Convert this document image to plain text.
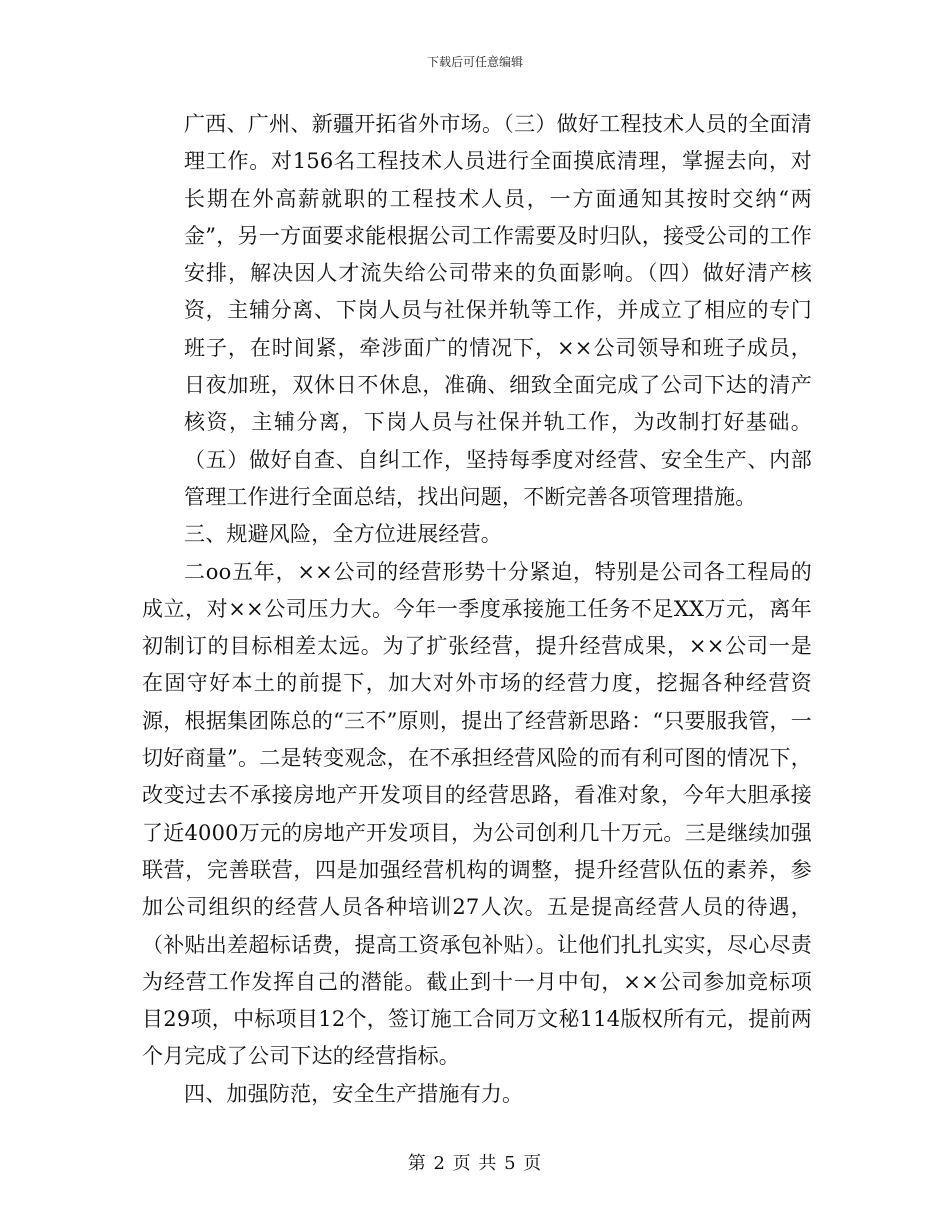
下载后可任意编辑

广西、广州、新疆开拓省外市场。（三）做好工程技术人员的全面清理工作。对156名工程技术人员进行全面摸底清理，掌握去向，对长期在外高薪就职的工程技术人员，一方面通知其按时交纳“两金”，另一方面要求能根据公司工作需要及时归队，接受公司的工作安排，解决因人才流失给公司带来的负面影响。（四）做好清产核资，主辅分离、下岗人员与社保并轨等工作，并成立了相应的专门班子，在时间紧，牵涉面广的情况下，××公司领导和班子成员，日夜加班，双休日不休息，准确、细致全面完成了公司下达的清产核资，主辅分离，下岗人员与社保并轨工作，为改制打好基础。（五）做好自查、自纠工作，坚持每季度对经营、安全生产、内部管理工作进行全面总结，找出问题，不断完善各项管理措施。

三、规避风险，全方位进展经营。

二oo五年，××公司的经营形势十分紧迫，特别是公司各工程局的成立，对××公司压力大。今年一季度承接施工任务不足XX万元，离年初制订的目标相差太远。为了扩张经营，提升经营成果，××公司一是在固守好本土的前提下，加大对外市场的经营力度，挖掘各种经营资源，根据集团陈总的“三不”原则，提出了经营新思路：“只要服我管，一切好商量”。二是转变观念，在不承担经营风险的而有利可图的情况下，改变过去不承接房地产开发项目的经营思路，看准对象，今年大胆承接了近4000万元的房地产开发项目，为公司创利几十万元。三是继续加强联营，完善联营，四是加强经营机构的调整，提升经营队伍的素养，参加公司组织的经营人员各种培训27人次。五是提高经营人员的待遇，（补贴出差超标话费，提高工资承包补贴）。让他们扎扎实实，尽心尽责为经营工作发挥自己的潜能。截止到十一月中旬，××公司参加竞标项目29项，中标项目12个，签订施工合同万文秘114版权所有元，提前两个月完成了公司下达的经营指标。

四、加强防范，安全生产措施有力。

第 2 页 共 5 页
